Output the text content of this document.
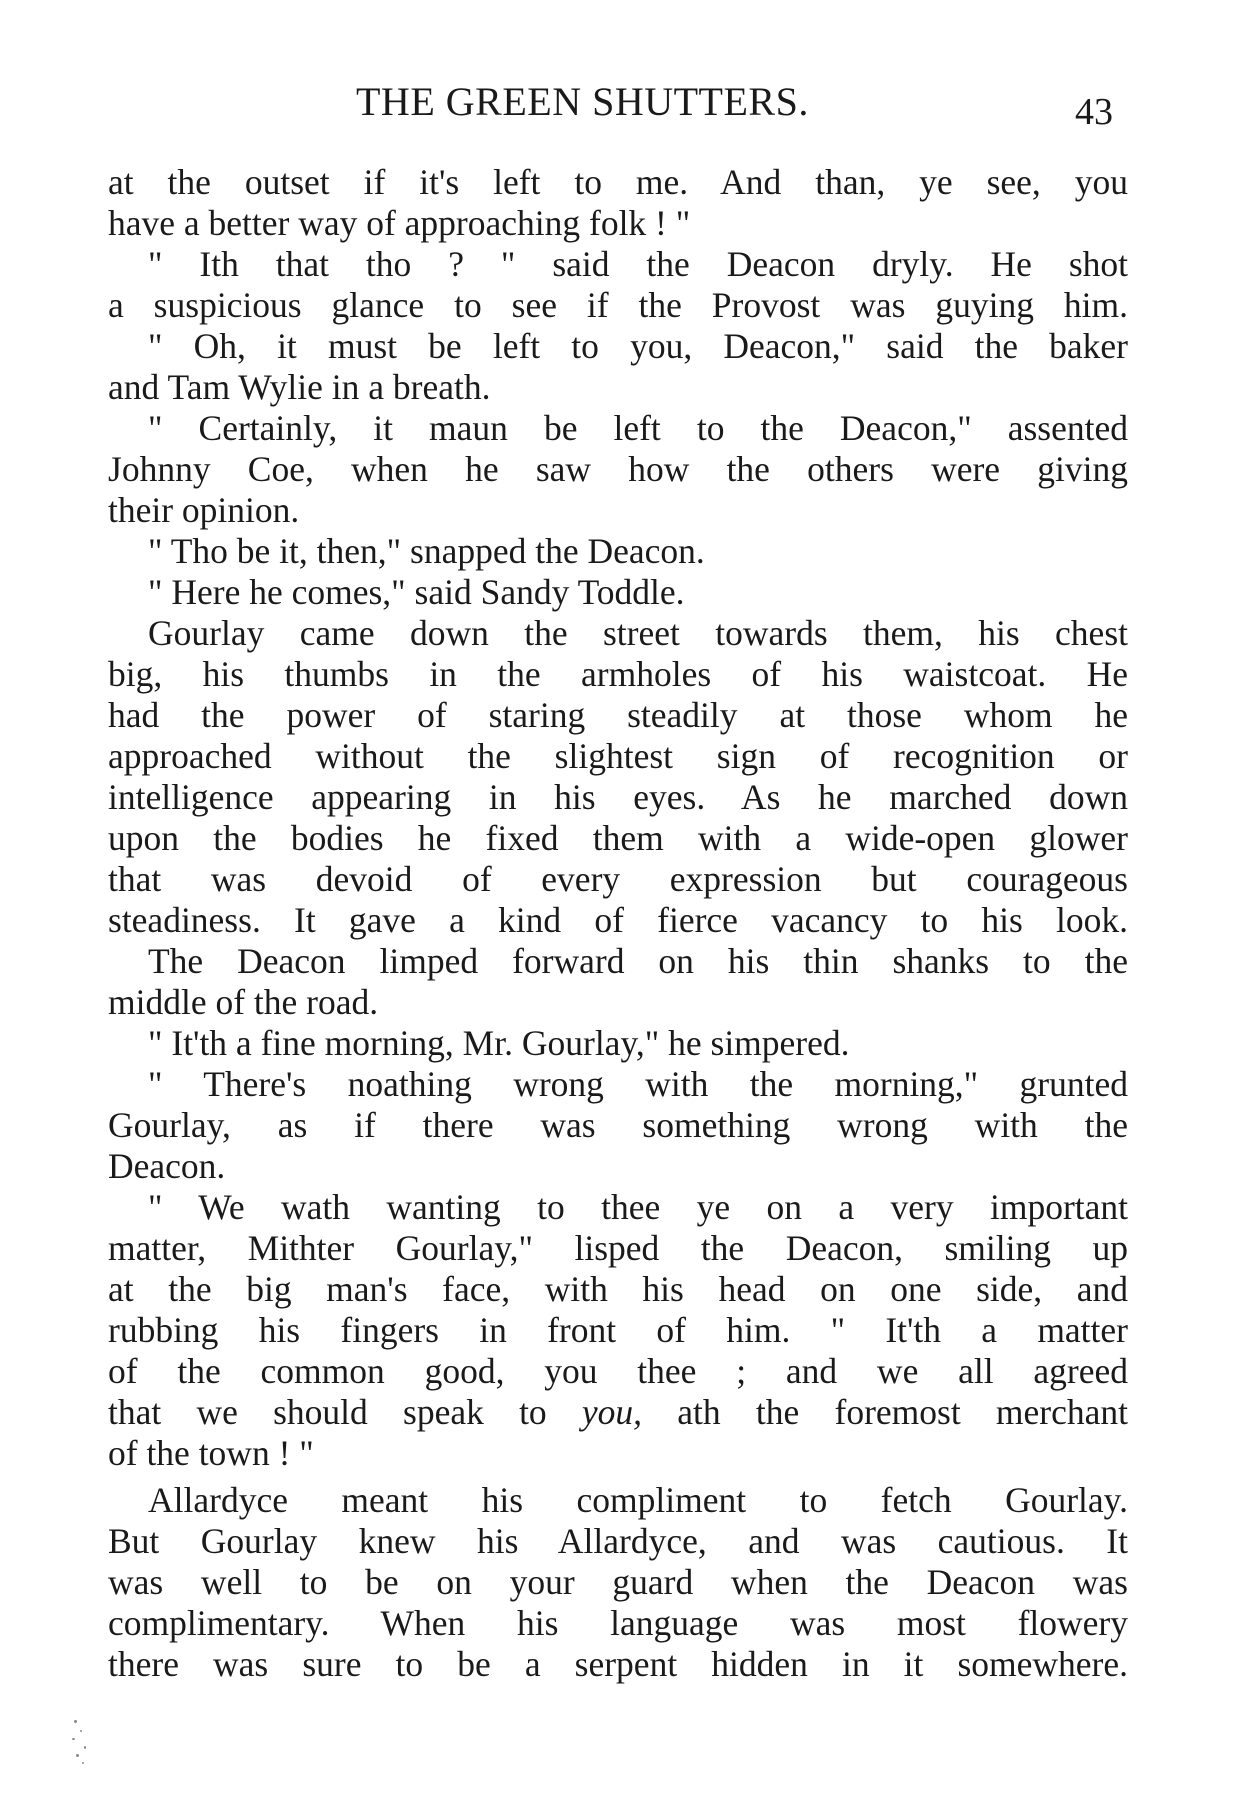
THE GREEN SHUTTERS.	43
at the outset if it's left to me. And than, ye see, you
have a better way of approaching folk ! "
" Ith that tho ? " said the Deacon dryly. He shot
a suspicious glance to see if the Provost was guying him.
" Oh, it must be left to you, Deacon," said the baker
and Tam Wylie in a breath.
" Certainly, it maun be left to the Deacon," assented
Johnny Coe, when he saw how the others were giving
their opinion.
" Tho be it, then," snapped the Deacon.
" Here he comes," said Sandy Toddle.
Gourlay came down the street towards them, his chest
big, his thumbs in the armholes of his waistcoat. He
had the power of staring steadily at those whom he
approached without the slightest sign of recognition or
intelligence appearing in his eyes. As he marched down
upon the bodies he fixed them with a wide-open glower
that was devoid of every expression but courageous
steadiness. It gave a kind of fierce vacancy to his look.
The Deacon limped forward on his thin shanks to the
middle of the road.
" It'th a fine morning, Mr. Gourlay," he simpered.
" There's noathing wrong with the morning," grunted
Gourlay, as if there was something wrong with the
Deacon.
" We wath wanting to thee ye on a very important
matter, Mithter Gourlay," lisped the Deacon, smiling up
at the big man's face, with his head on one side, and
rubbing his fingers in front of him. " It'th a matter
of the common good, you thee ; and we all agreed
that we should speak to you, ath the foremost merchant
of the town ! "
Allardyce meant his compliment to fetch Gourlay.
But Gourlay knew his Allardyce, and was cautious. It
was well to be on your guard when the Deacon was
complimentary. When his language was most flowery
there was sure to be a serpent hidden in it somewhere.
